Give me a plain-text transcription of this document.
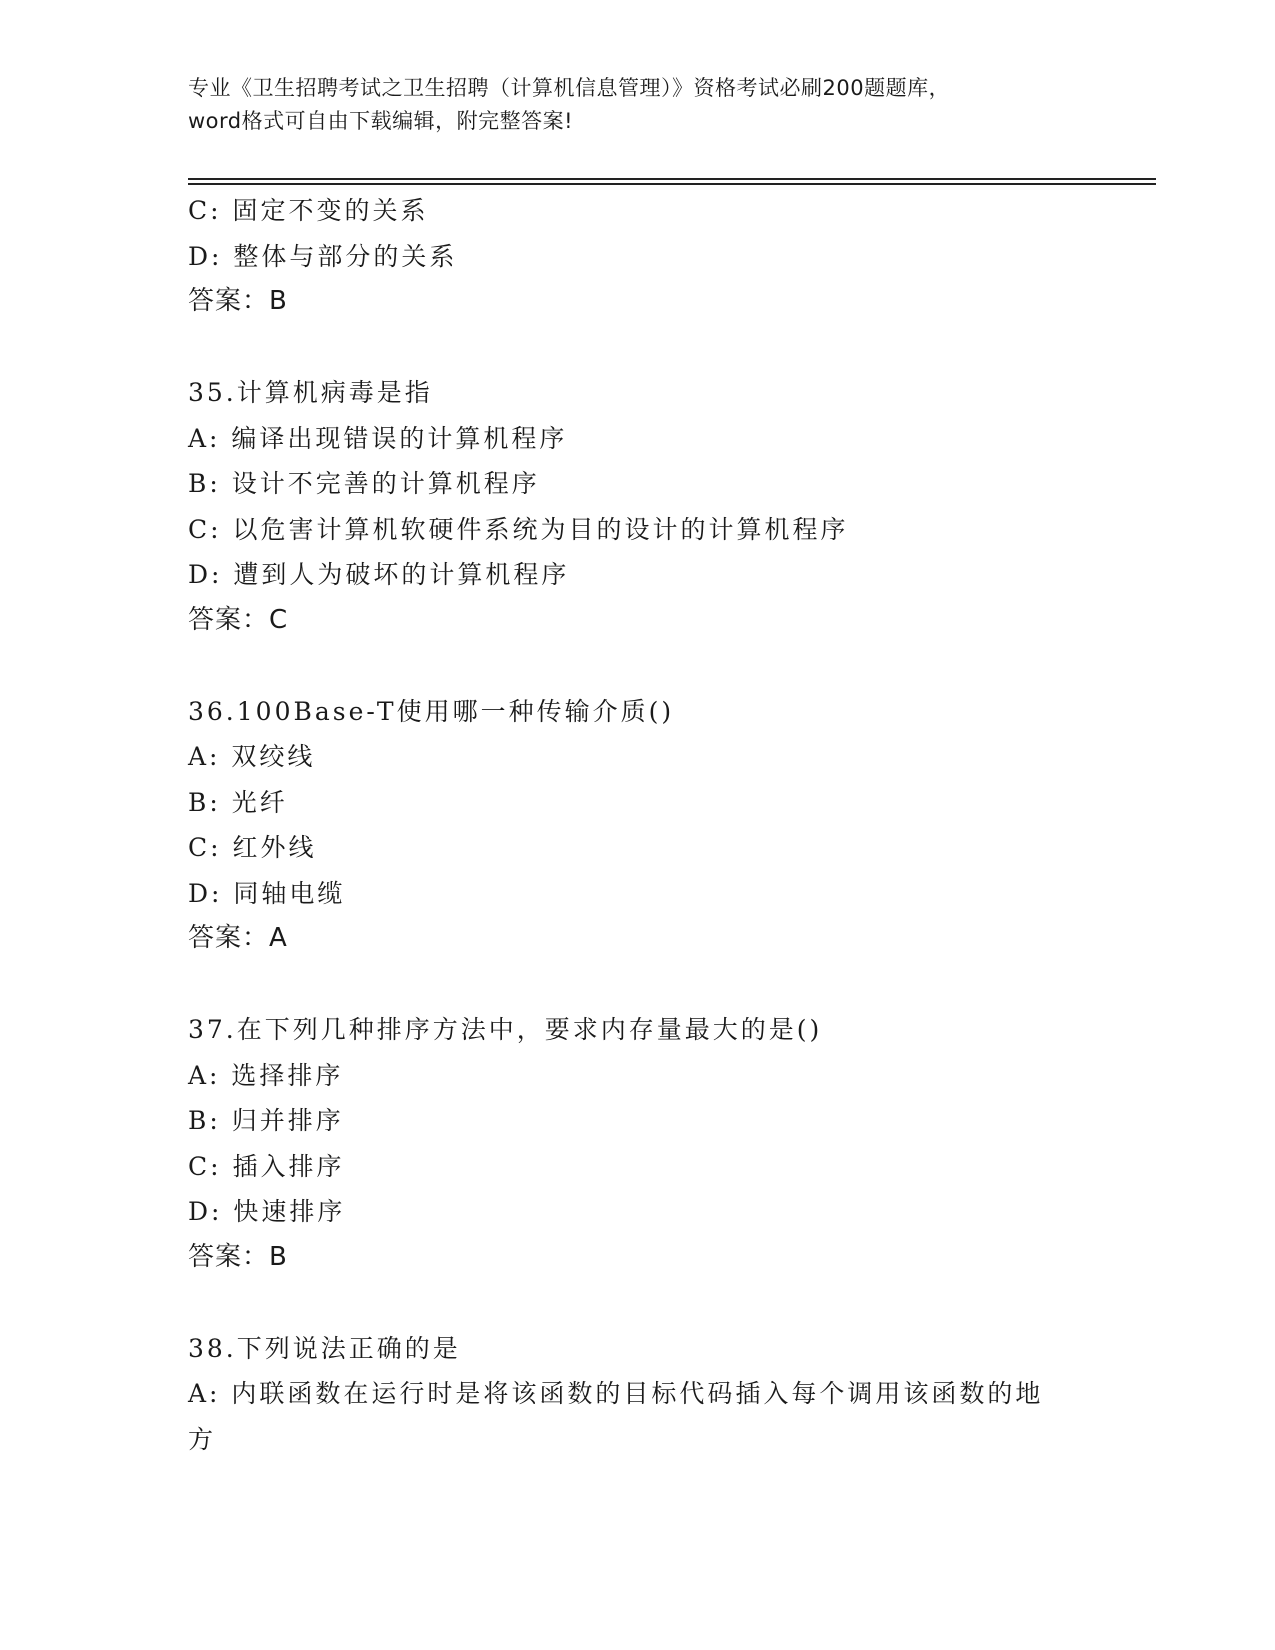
专业《卫生招聘考试之卫生招聘（计算机信息管理）》资格考试必刷200题题库，
word格式可自由下载编辑，附完整答案!
C: 固定不变的关系
D: 整体与部分的关系
答案：B
35.计算机病毒是指
A: 编译出现错误的计算机程序
B: 设计不完善的计算机程序
C: 以危害计算机软硬件系统为目的设计的计算机程序
D: 遭到人为破坏的计算机程序
答案：C
36.100Base-T使用哪一种传输介质()
A: 双绞线
B: 光纤
C: 红外线
D: 同轴电缆
答案：A
37.在下列几种排序方法中，要求内存量最大的是()
A: 选择排序
B: 归并排序
C: 插入排序
D: 快速排序
答案：B
38.下列说法正确的是
A: 内联函数在运行时是将该函数的目标代码插入每个调用该函数的地
方
